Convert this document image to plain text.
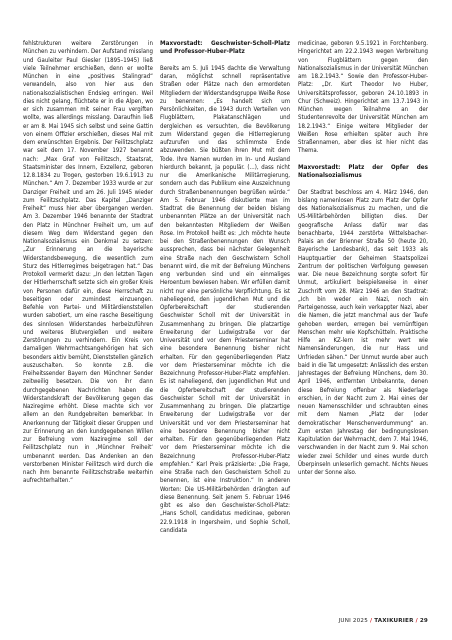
fehlstrukturen weitere Zerstörungen in München zu verhindern. Der Aufstand misslang und Gauleiter Paul Giesler (1895–1945) ließ viele Teilnehmer erschießen, denn er wollte München in eine „positives Stalingrad“ verwandeln, also von hier aus den nationalsozialistischen Endsieg erringen. Weil dies nicht gelang, flüchtete er in die Alpen, wo er sich zusammen mit seiner Frau vergiften wollte, was allerdings misslang. Daraufhin ließ er am 8. Mai 1945 sich selbst und seine Gattin von einem Offizier erschießen, dieses Mal mit dem erwünschten Ergebnis. Der Feilitzschplatz war seit dem 17. November 1927 benannt nach: „Max Graf von Feilitzsch, Staatsrat, Staatsminister des Innern, Exzellenz, geboren 12.8.1834 zu Trogen, gestorben 19.6.1913 zu München.“ Am 7. Dezember 1933 wurde er zur Danziger Freiheit und am 26. Juli 1945 wieder zum Feilitzschplatz. Das Kapitel „Danziger Freiheit“ muss hier aber übergangen werden. Am 3. Dezember 1946 benannte der Stadtrat den Platz in Münchner Freiheit um, um auf diesem Weg dem Widerstand gegen den Nationalsozialismus ein Denkmal zu setzen: „Zur Erinnerung an die bayerische Widerstandsbewegung, die wesentlich zum Sturz des Hitlerregimes beigetragen hat.“ Das Protokoll vermerkt dazu: „In den letzten Tagen der Hitlerherrschaft setzte sich ein großer Kreis von Personen dafür ein, diese Herrschaft zu beseitigen oder zumindest einzuengen. Befehle von Partei- und Militärdienststellen wurden sabotiert, um eine rasche Beseitigung des sinnlosen Widerstandes herbeizuführen und weiteres Blutvergießen und weitere Zerstörungen zu verhindern. Ein Kreis von damaligen Wehrmachtsangehörigen hat sich besonders aktiv bemüht, Dienststellen gänzlich auszuschalten. So konnte z.B. die Freiheitssender Bayern den Münchner Sender zeitweilig besetzen. Die von ihr dann durchgegebenen Nachrichten haben die Widerstandskraft der Bevölkerung gegen das Naziregime erhöht. Diese machte sich vor allem an den Rundgebreiten bemerkbar. In Anerkennung der Tätigkeit dieser Gruppen und zur Erinnerung an den kundgegebenen Willen zur Befreiung vom Naziregime soll der Feilitzschplatz nun in ‚Münchner Freiheit‘ umbenannt werden. Das Andenken an den verstorbenen Minister Feilitzsch wird durch die nach ihm benannte Feilitzschstraße weiterhin aufrechterhalten.“

Maxvorstadt: Geschwister-Scholl-Platz und Professor-Huber-Platz

Bereits am 5. Juli 1945 dachte die Verwaltung daran, möglichst schnell repräsentative Straßen oder Plätze nach den ermordeten Mitgliedern der Widerstandsgruppe Weiße Rose zu benennen: „Es handelt sich um Persönlichkeiten, die 1943 durch Verteilen von Flugblättern, Plakatanschlägen und dergleichen es versuchten, die Bevölkerung zum Widerstand gegen die Hitlerregierung aufzurufen und das schlimmste Ende abzuwenden. Sie büßten ihren Mut mit dem Tode. Ihre Namen wurden im In- und Ausland hierdurch bekannt, ja populär. (...), dass nicht nur die Amerikanische Militärregierung, sondern auch das Publikum eine Auszeichnung durch Straßenbenennungen begrüßen würde.“ Am 5. Februar 1946 diskutierte man im Stadtrat die Benennung der beiden bislang unbenannten Plätze an der Universität nach den bekanntesten Mitgliedern der Weißen Rose. Im Protokoll heißt es: „Ich möchte heute bei den Straßenbenennungen den Wunsch aussprechen, dass bei nächster Gelegenheit eine Straße nach den Geschwistern Scholl benannt wird, die mit der Befreiung Münchens eng verbunden sind und ein einmaliges Heroentum bewiesen haben. Wir erfüllen damit nicht nur eine persönliche Verpflichtung. Es ist naheliegend, den jugendlichen Mut und die Opferbereitschaft der studierenden Geschwister Scholl mit der Universität in Zusammenhang zu bringen. Die platzartige Erweiterung der Ludwigstraße vor der Universität und vor dem Priesterseminar hat eine besondere Benennung bisher nicht erhalten. Für den gegenüberliegenden Platz vor dem Priesterseminar möchte ich die Bezeichnung Professor-Huber-Platz empfehlen. Es ist naheliegend, den jugendlichen Mut und die Opferbereitschaft der studierenden Geschwister Scholl mit der Universität in Zusammenhang zu bringen. Die platzartige Erweiterung der Ludwigstraße vor der Universität und vor dem Priesterseminar hat eine besondere Benennung bisher nicht erhalten. Für den gegenüberliegenden Platz vor dem Priesterseminar möchte ich die Bezeichnung Professor-Huber-Platz empfehlen.“ Karl Preis präzisierte: „Die Frage, eine Straße nach den Geschwistern Scholl zu benennen, ist eine Instruktion.“ In anderen Worten: Die US-Militärbehörden drängten auf diese Benennung. Seit jenem 5. Februar 1946 gibt es also den Geschwister-Scholl-Platz: „Hans Scholl, candidatus medicinae, geboren 22.9.1918 in Ingersheim, und Sophie Scholl, candidata

medicinae, geboren 9.5.1921 in Forchtenberg. Hingerichtet am 22.2.1943 wegen Verbreitung von Flugblättern gegen den Nationalsozialismus in der Universität München am 18.2.1943.“ Sowie den Professor-Huber-Platz: „Dr. Kurt Theodor Ivo Huber, Universitätsprofessor, geboren 24.10.1893 in Chur (Schweiz). Hingerichtet am 13.7.1943 in München wegen Teilnahme an der Studentenrevolte der Universität München am 18.2.1943.“ Einige weitere Mitglieder der Weißen Rose erhielten später auch ihre Straßennamen, aber dies ist hier nicht das Thema.

Maxvorstadt: Platz der Opfer des Nationalsozialismus

Der Stadtrat beschloss am 4. März 1946, den bislang namenlosen Platz zum Platz der Opfer des Nationalsozialismus zu machen, und die US-Militärbehörden billigten dies. Der geografische Anlass dafür war das benachbarte, 1944 zerstörte Wittelsbacher-Palais an der Brienner Straße 50 (heute 20, Bayerische Landesbank), das seit 1933 als Hauptquartier der Geheimen Staatspolizei Zentrum der politischen Verfolgung gewesen war. Die neue Bezeichnung sorgte sofort für Unmut, artikuliert beispielsweise in einer Zuschrift vom 28. März 1946 an den Stadtrat: „Ich bin weder ein Nazi, noch ein Parteigenosse, auch kein verkappter Nazi, aber die Namen, die jetzt manchmal aus der Taufe gehoben werden, erregen bei vernünftigen Menschen mehr wie Kopfschütteln. Praktische Hilfe an KZ-lern ist mehr wert wie Namensänderungen, die nur Hass und Unfrieden sähen.“ Der Unmut wurde aber auch baid in die Tat umgesetzt: Anlässlich des ersten Jahrestages der Befreiung Münchens, dem 30. April 1946, entfernten Unbekannte, denen diese Befreiung offenbar als Niederlage erschien, in der Nacht zum 2. Mai eines der neuen Namensschilder und schraubten eines mit dem Namen „Platz der (oder demokratischer Menschenverdummung“ an. Zum ersten Jahrestag der bedingungslosen Kapitulation der Wehrmacht, dem 7. Mai 1946, verschwanden in der Nacht zum 9. Mai schon wieder zwei Schilder und eines wurde durch Überpinseln unleserlich gemacht. Nichts Neues unter der Sonne also.

JUNI 2025 / TAXIKURIER / 29
